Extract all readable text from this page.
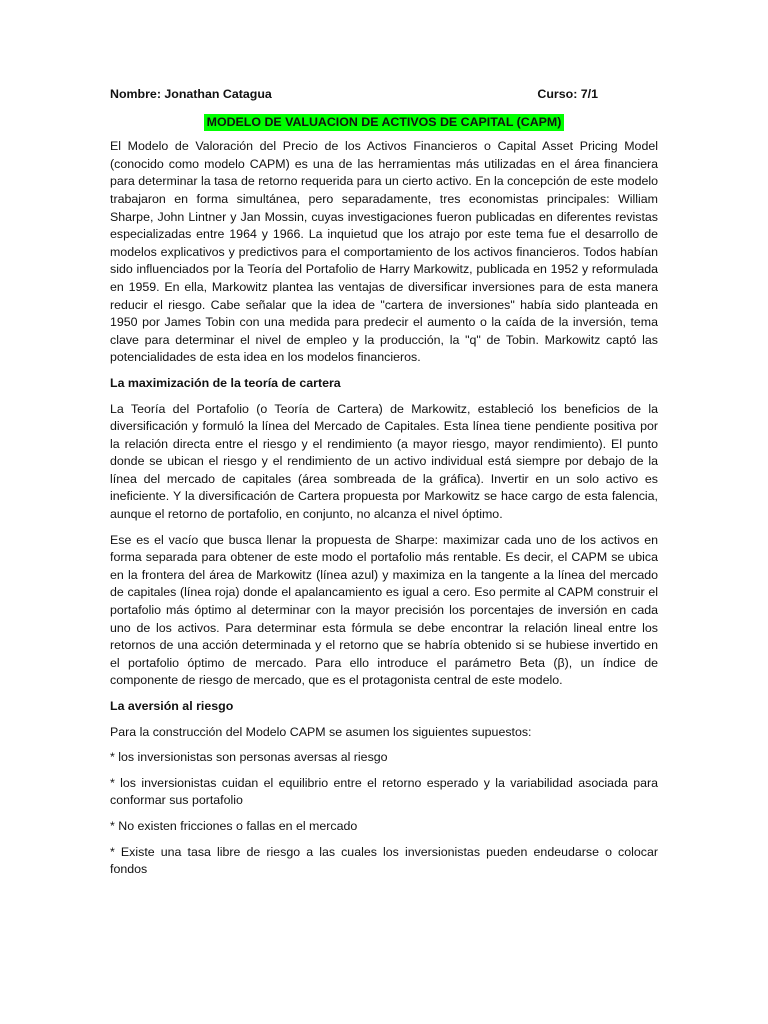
Nombre: Jonathan Catagua	Curso: 7/1
MODELO DE VALUACION DE ACTIVOS DE CAPITAL (CAPM)

El Modelo de Valoración del Precio de los Activos Financieros o Capital Asset Pricing Model (conocido como modelo CAPM) es una de las herramientas más utilizadas en el área financiera para determinar la tasa de retorno requerida para un cierto activo. En la concepción de este modelo trabajaron en forma simultánea, pero separadamente, tres economistas principales: William Sharpe, John Lintner y Jan Mossin, cuyas investigaciones fueron publicadas en diferentes revistas especializadas entre 1964 y 1966. La inquietud que los atrajo por este tema fue el desarrollo de modelos explicativos y predictivos para el comportamiento de los activos financieros. Todos habían sido influenciados por la Teoría del Portafolio de Harry Markowitz, publicada en 1952 y reformulada en 1959. En ella, Markowitz plantea las ventajas de diversificar inversiones para de esta manera reducir el riesgo. Cabe señalar que la idea de "cartera de inversiones" había sido planteada en 1950 por James Tobin con una medida para predecir el aumento o la caída de la inversión, tema clave para determinar el nivel de empleo y la producción, la "q" de Tobin. Markowitz captó las potencialidades de esta idea en los modelos financieros.

La maximización de la teoría de cartera

La Teoría del Portafolio (o Teoría de Cartera) de Markowitz, estableció los beneficios de la diversificación y formuló la línea del Mercado de Capitales. Esta línea tiene pendiente positiva por la relación directa entre el riesgo y el rendimiento (a mayor riesgo, mayor rendimiento). El punto donde se ubican el riesgo y el rendimiento de un activo individual está siempre por debajo de la línea del mercado de capitales (área sombreada de la gráfica). Invertir en un solo activo es ineficiente. Y la diversificación de Cartera propuesta por Markowitz se hace cargo de esta falencia, aunque el retorno de portafolio, en conjunto, no alcanza el nivel óptimo.

Ese es el vacío que busca llenar la propuesta de Sharpe: maximizar cada uno de los activos en forma separada para obtener de este modo el portafolio más rentable. Es decir, el CAPM se ubica en la frontera del área de Markowitz (línea azul) y maximiza en la tangente a la línea del mercado de capitales (línea roja) donde el apalancamiento es igual a cero. Eso permite al CAPM construir el portafolio más óptimo al determinar con la mayor precisión los porcentajes de inversión en cada uno de los activos. Para determinar esta fórmula se debe encontrar la relación lineal entre los retornos de una acción determinada y el retorno que se habría obtenido si se hubiese invertido en el portafolio óptimo de mercado. Para ello introduce el parámetro Beta (β), un índice de componente de riesgo de mercado, que es el protagonista central de este modelo.

La aversión al riesgo

Para la construcción del Modelo CAPM se asumen los siguientes supuestos:

* los inversionistas son personas aversas al riesgo

* los inversionistas cuidan el equilibrio entre el retorno esperado y la variabilidad asociada para conformar sus portafolio

* No existen fricciones o fallas en el mercado

* Existe una tasa libre de riesgo a las cuales los inversionistas pueden endeudarse o colocar fondos
